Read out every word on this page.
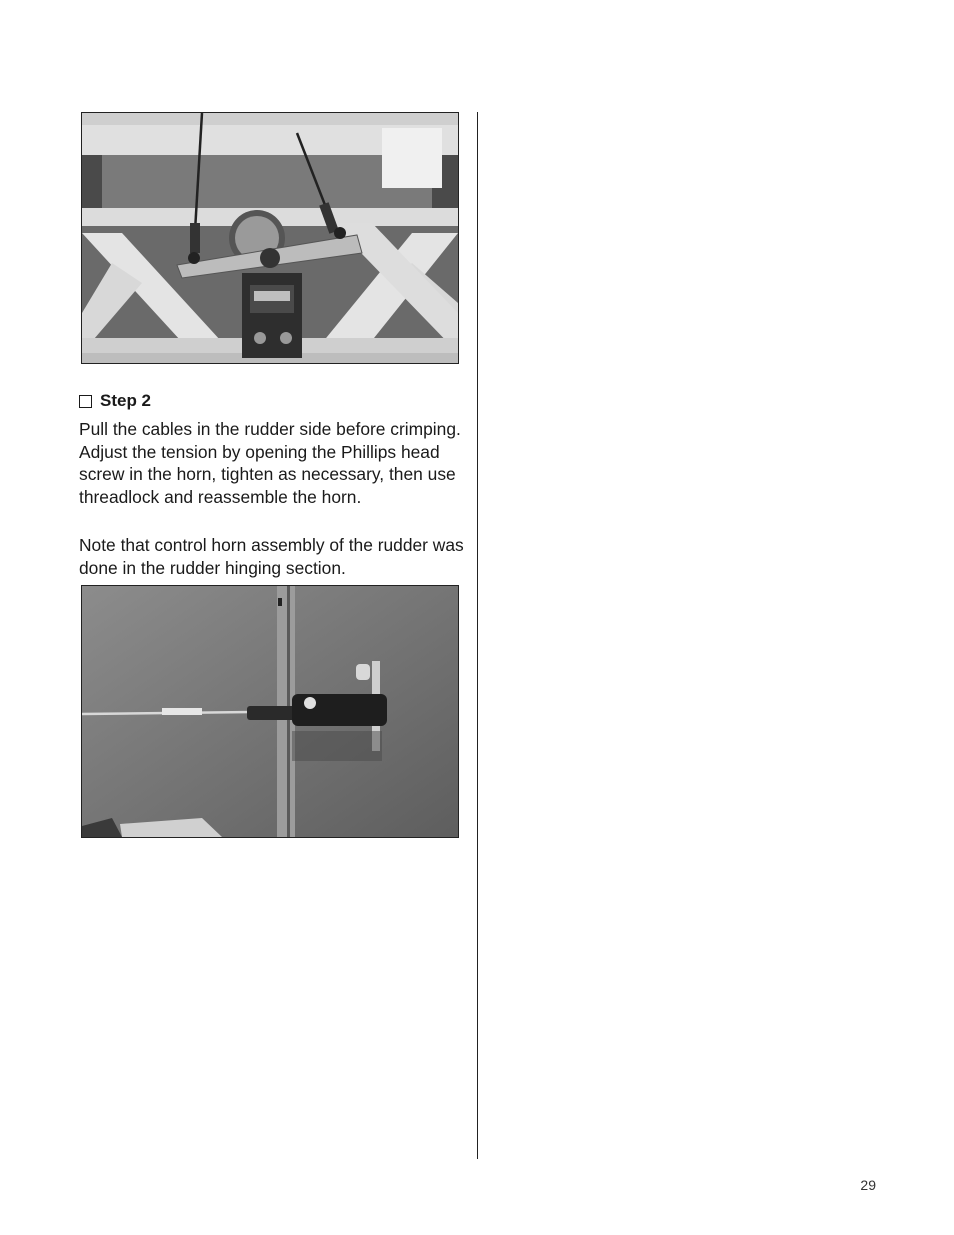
Step 2

Pull the cables in the rudder side before crimping. Adjust the tension by opening the Phillips head screw in the horn, tighten as necessary, then use threadlock and reassemble the horn.

Note that control horn assembly of the rudder was done in the rudder hinging section.

29
